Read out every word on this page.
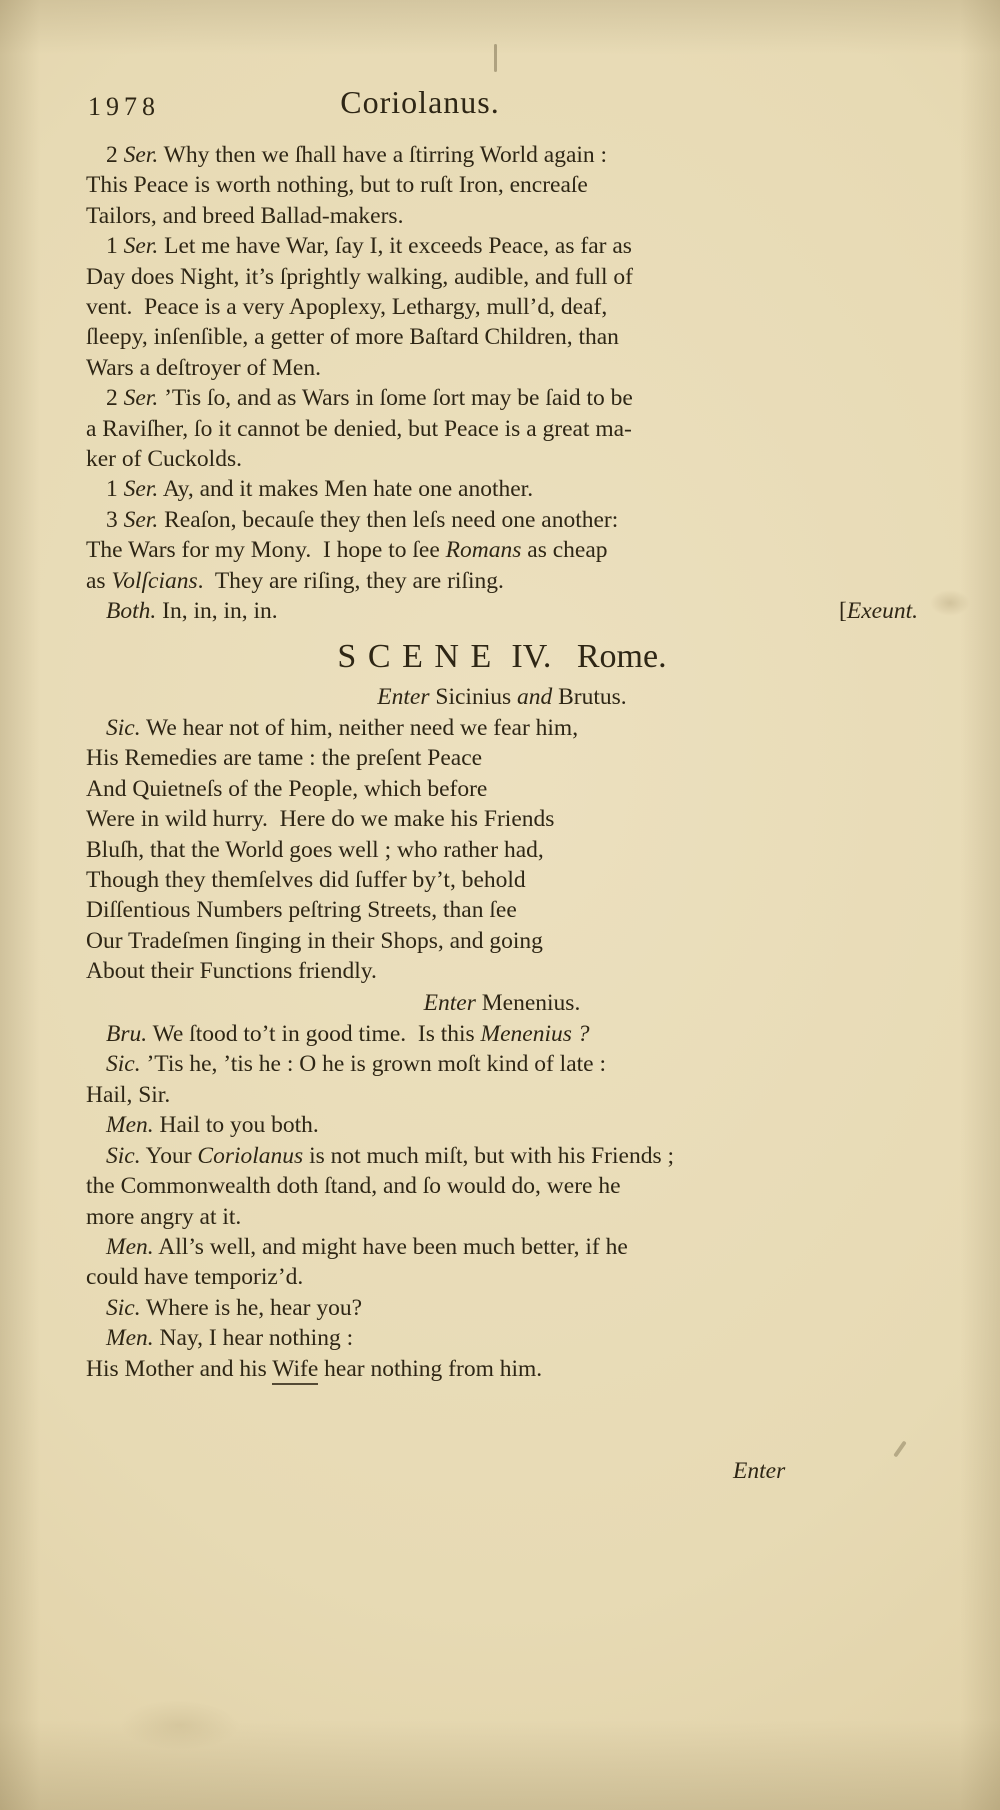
1978	Coriolanus.
2 Ser. Why then we ſhall have a ſtirring World again :
This Peace is worth nothing, but to ruſt Iron, encreaſe
Tailors, and breed Ballad-makers.
1 Ser. Let me have War, ſay I, it exceeds Peace, as far as
Day does Night, it’s ſprightly walking, audible, and full of
vent.  Peace is a very Apoplexy, Lethargy, mull’d, deaf,
ſleepy, inſenſible, a getter of more Baſtard Children, than
Wars a deſtroyer of Men.
2 Ser. ’Tis ſo, and as Wars in ſome ſort may be ſaid to be
a Raviſher, ſo it cannot be denied, but Peace is a great ma-
ker of Cuckolds.
1 Ser. Ay, and it makes Men hate one another.
3 Ser. Reaſon, becauſe they then leſs need one another:
The Wars for my Mony.  I hope to ſee Romans as cheap
as Volſcians.  They are riſing, they are riſing.
Both. In, in, in, in.	[Exeunt.
SCENE IV.   Rome.
Enter Sicinius and Brutus.
Sic. We hear not of him, neither need we fear him,
His Remedies are tame : the preſent Peace
And Quietneſs of the People, which before
Were in wild hurry.  Here do we make his Friends
Bluſh, that the World goes well ; who rather had,
Though they themſelves did ſuffer by’t, behold
Diſſentious Numbers peſtring Streets, than ſee
Our Tradeſmen ſinging in their Shops, and going
About their Functions friendly.
Enter Menenius.
Bru. We ſtood to’t in good time.  Is this Menenius ?
Sic. ’Tis he, ’tis he : O he is grown moſt kind of late :
Hail, Sir.
Men. Hail to you both.
Sic. Your Coriolanus is not much miſt, but with his Friends ;
the Commonwealth doth ſtand, and ſo would do, were he
more angry at it.
Men. All’s well, and might have been much better, if he
could have temporiz’d.
Sic. Where is he, hear you?
Men. Nay, I hear nothing :
His Mother and his Wife hear nothing from him.
Enter
